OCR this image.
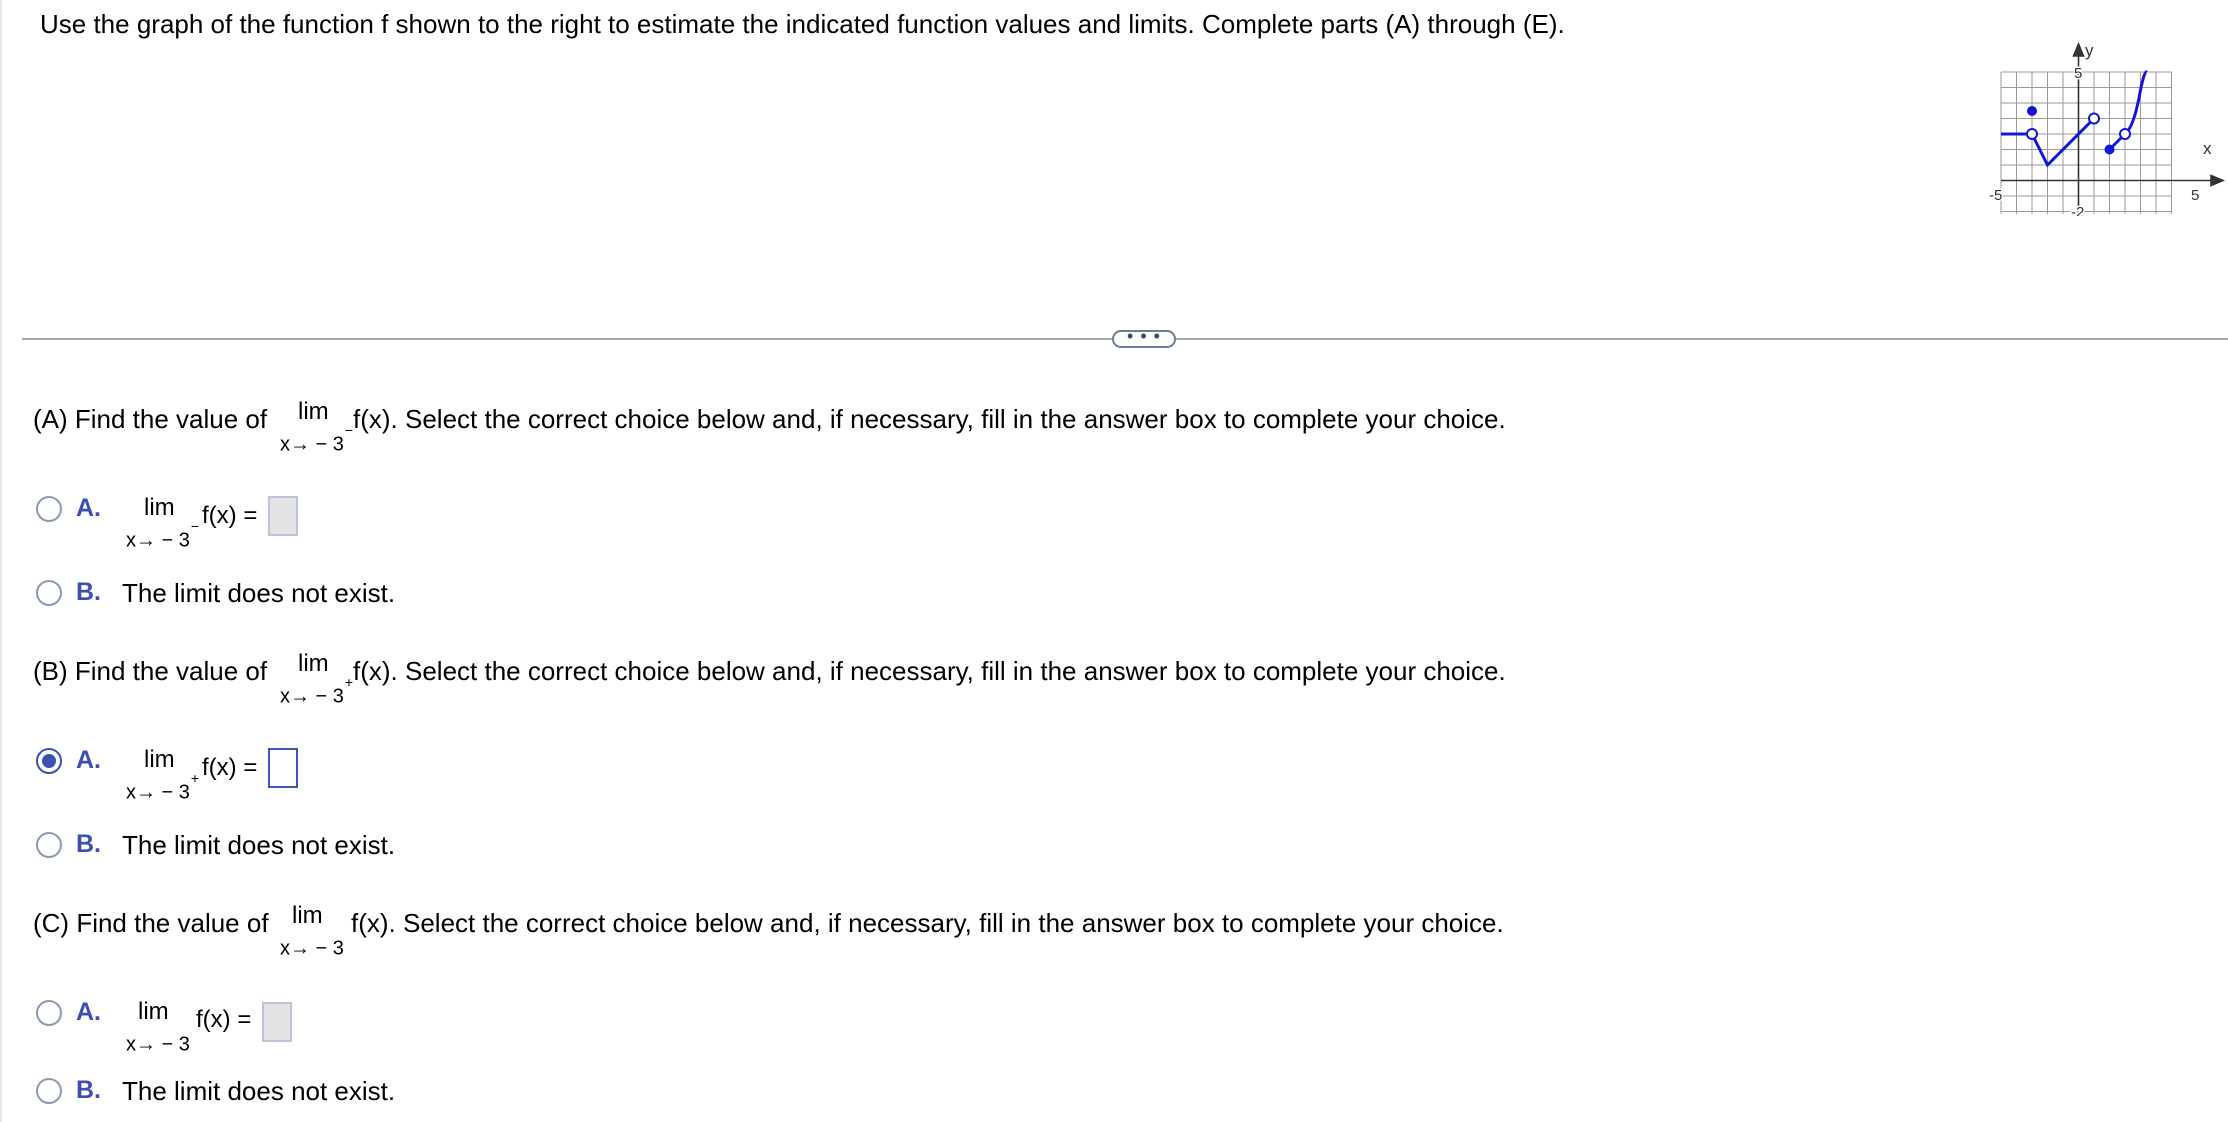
Use the graph of the function f shown to the right to estimate the indicated function values and limits. Complete parts (A) through (E).
y
x
5
-5	5
-2
• • •
(A) Find the value of lim
x→ − 3− f(x). Select the correct choice below and, if necessary, fill in the answer box to complete your choice.
A. lim
x→ − 3− f(x) =
B. The limit does not exist.
(B) Find the value of lim
x→ − 3+ f(x). Select the correct choice below and, if necessary, fill in the answer box to complete your choice.
A. lim
x→ − 3+ f(x) =
B. The limit does not exist.
(C) Find the value of lim
x→ − 3
f(x). Select the correct choice below and, if necessary, fill in the answer box to complete your choice.
A. lim
x→ − 3
f(x) =
B. The limit does not exist.
